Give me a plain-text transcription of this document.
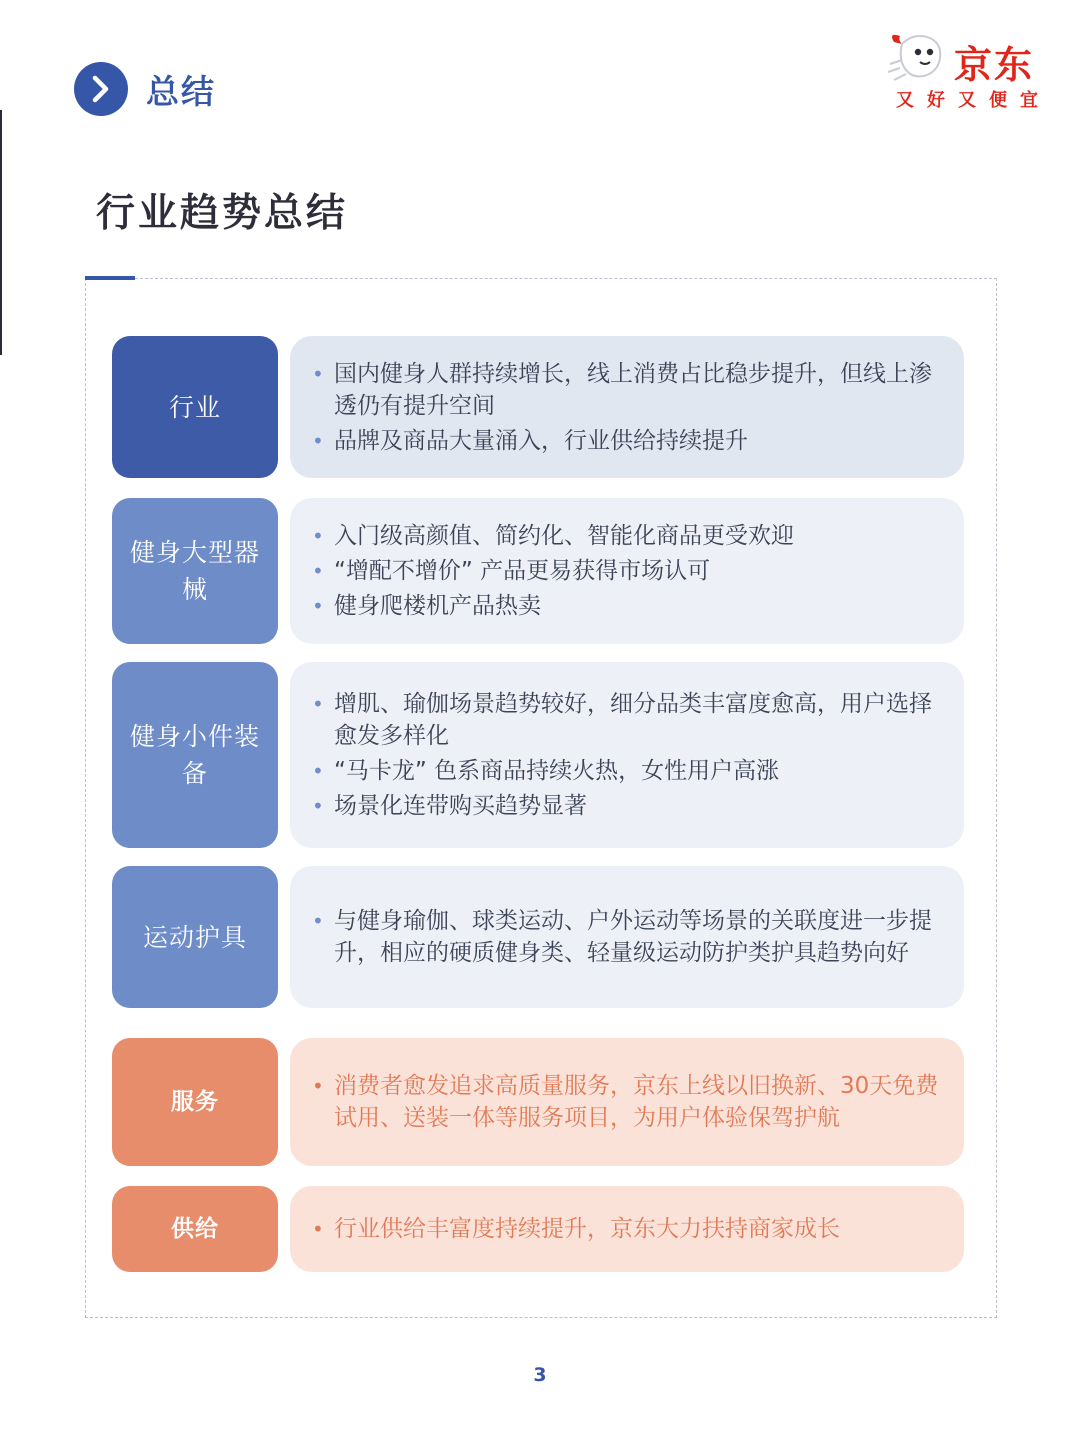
总结
京东
又好又便宜
行业趋势总结
行业
• 国内健身人群持续增长，线上消费占比稳步提升，但线上渗透仍有提升空间
• 品牌及商品大量涌入，行业供给持续提升
健身大型器械
• 入门级高颜值、简约化、智能化商品更受欢迎
• “增配不增价” 产品更易获得市场认可
• 健身爬楼机产品热卖
健身小件装备
• 增肌、瑜伽场景趋势较好，细分品类丰富度愈高，用户选择愈发多样化
• “马卡龙” 色系商品持续火热，女性用户高涨
• 场景化连带购买趋势显著
运动护具
• 与健身瑜伽、球类运动、户外运动等场景的关联度进一步提升，相应的硬质健身类、轻量级运动防护类护具趋势向好
服务
• 消费者愈发追求高质量服务，京东上线以旧换新、30天免费试用、送装一体等服务项目，为用户体验保驾护航
供给
•	行业供给丰富度持续提升，京东大力扶持商家成长
3
